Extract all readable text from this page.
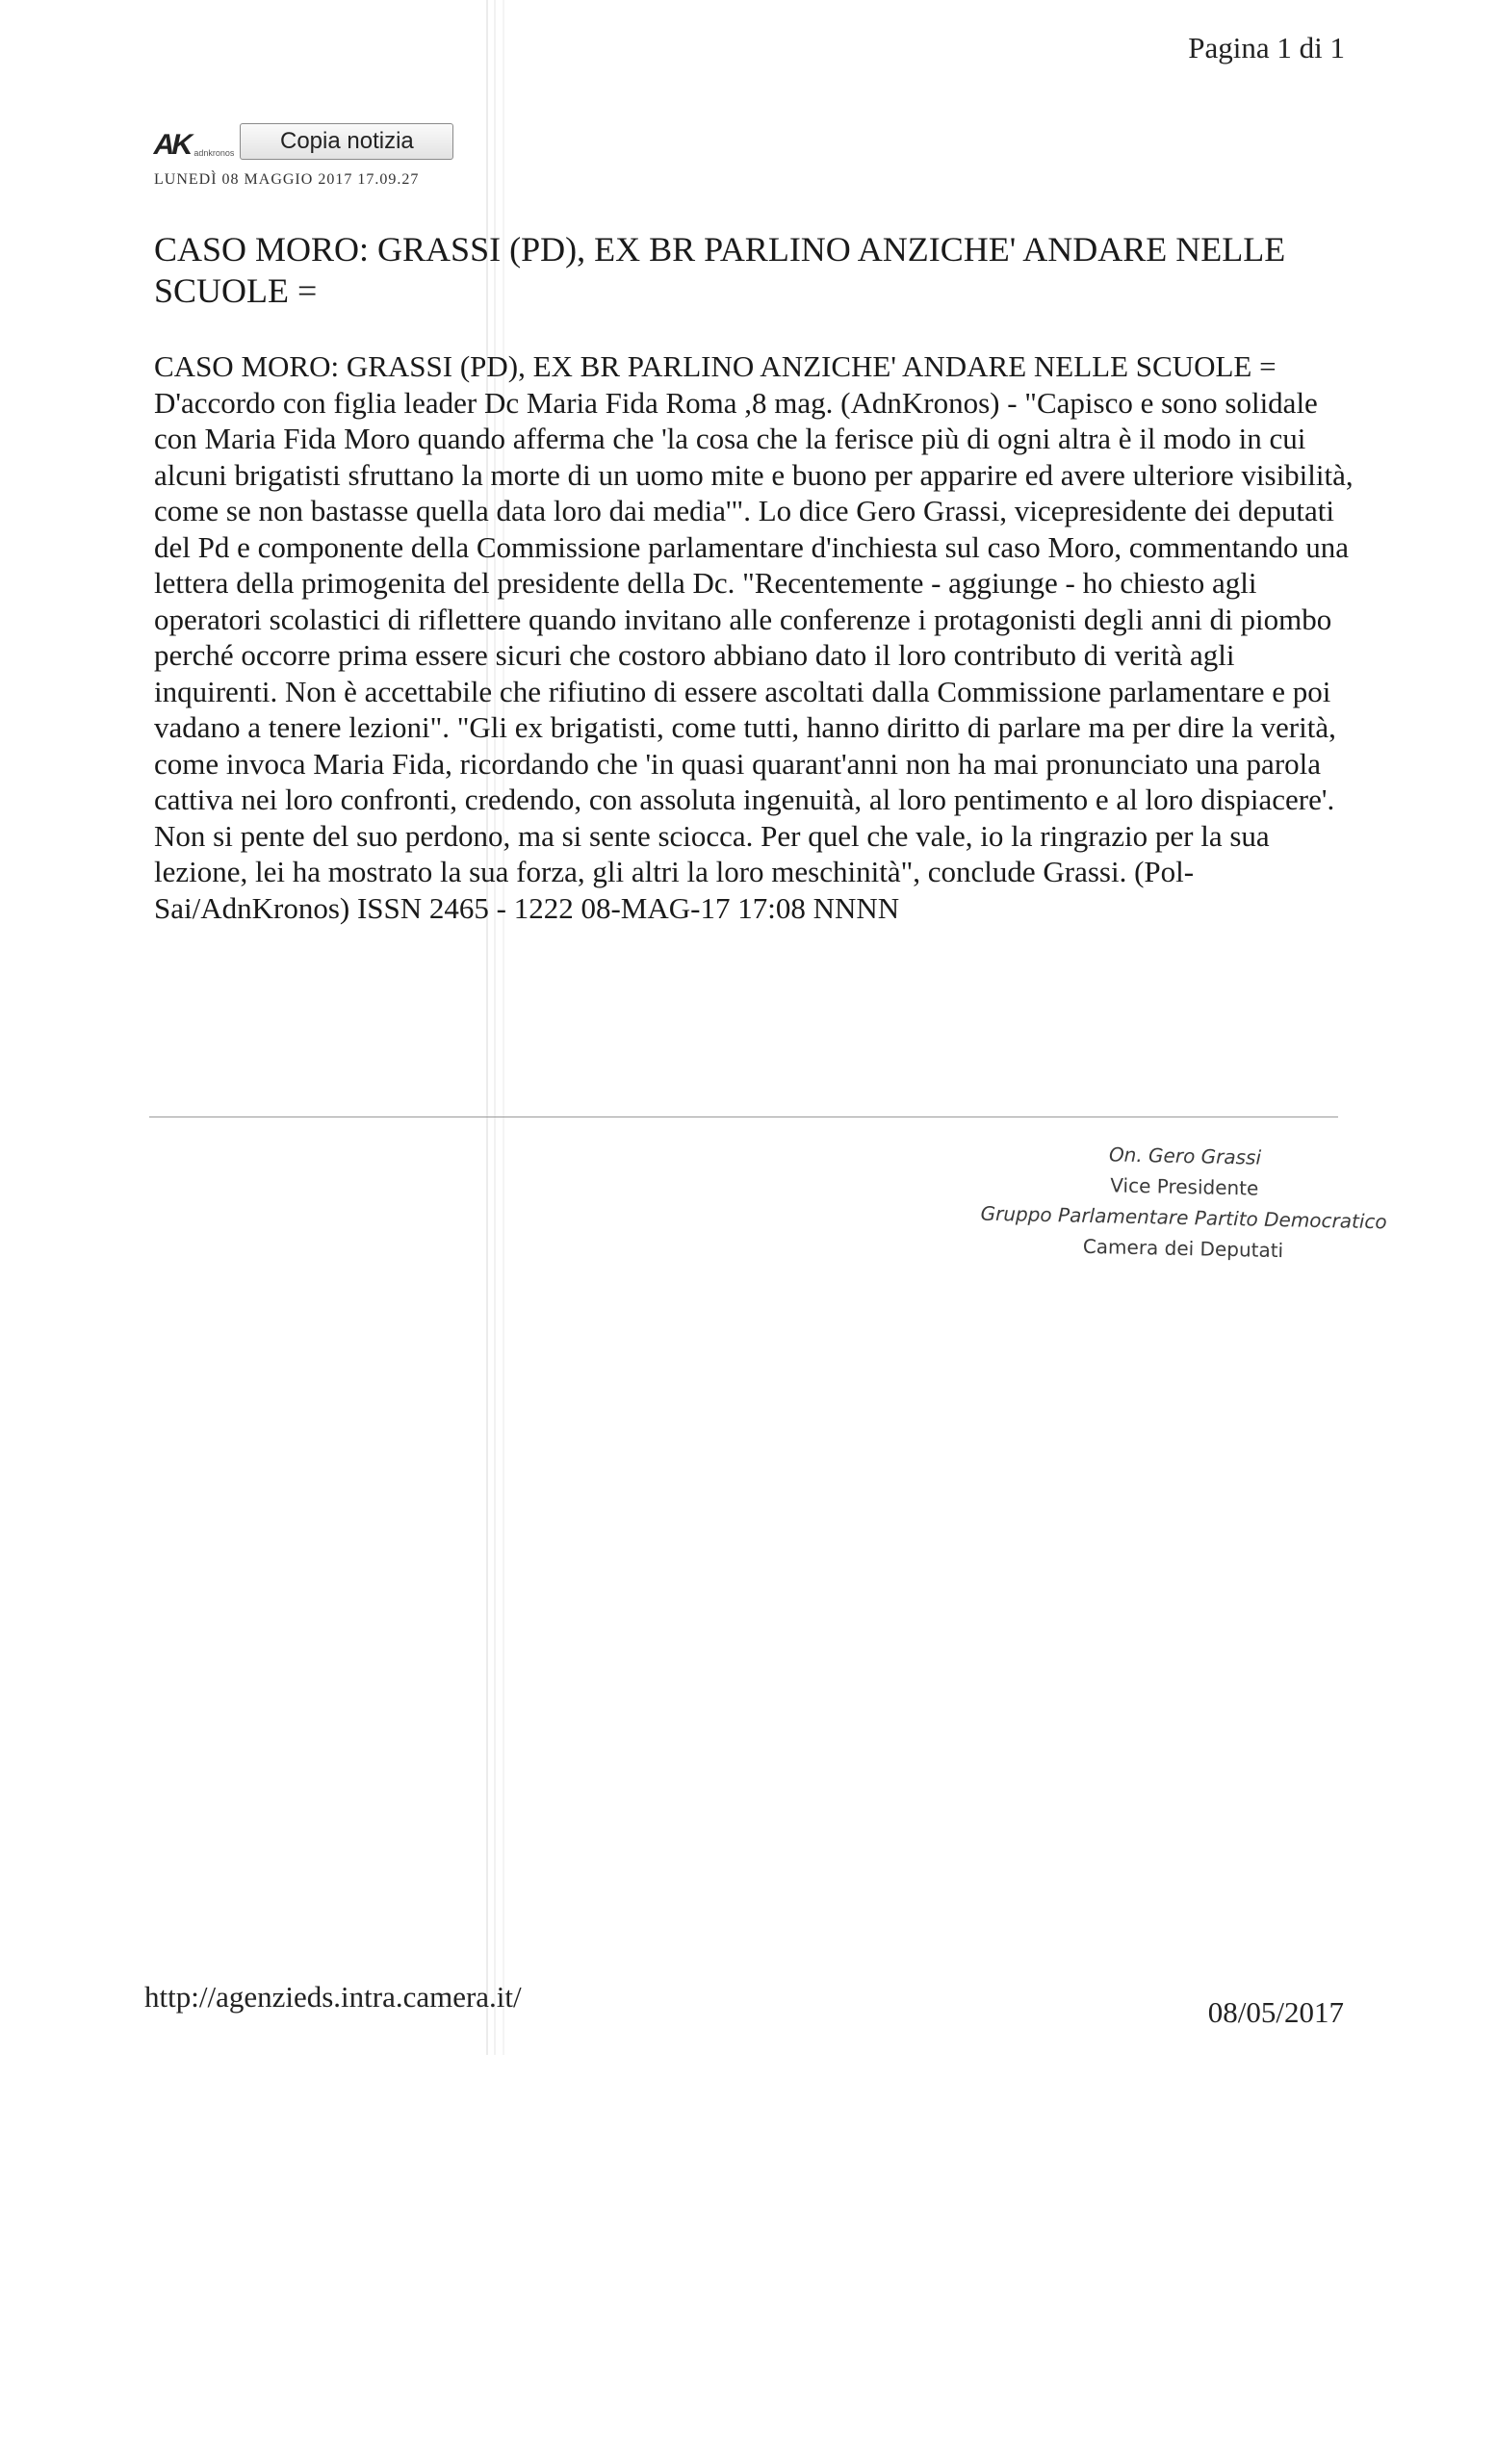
Pagina 1 di 1
AK adnkronos	Copia notizia
LUNEDÌ 08 MAGGIO 2017 17.09.27
CASO MORO: GRASSI (PD), EX BR PARLINO ANZICHE' ANDARE NELLE SCUOLE =

CASO MORO: GRASSI (PD), EX BR PARLINO ANZICHE' ANDARE NELLE SCUOLE = D'accordo con figlia leader Dc Maria Fida Roma ,8 mag. (AdnKronos) - "Capisco e sono solidale con Maria Fida Moro quando afferma che 'la cosa che la ferisce più di ogni altra è il modo in cui alcuni brigatisti sfruttano la morte di un uomo mite e buono per apparire ed avere ulteriore visibilità, come se non bastasse quella data loro dai media'". Lo dice Gero Grassi, vicepresidente dei deputati del Pd e componente della Commissione parlamentare d'inchiesta sul caso Moro, commentando una lettera della primogenita del presidente della Dc. "Recentemente - aggiunge - ho chiesto agli operatori scolastici di riflettere quando invitano alle conferenze i protagonisti degli anni di piombo perché occorre prima essere sicuri che costoro abbiano dato il loro contributo di verità agli inquirenti. Non è accettabile che rifiutino di essere ascoltati dalla Commissione parlamentare e poi vadano a tenere lezioni". "Gli ex brigatisti, come tutti, hanno diritto di parlare ma per dire la verità, come invoca Maria Fida, ricordando che 'in quasi quarant'anni non ha mai pronunciato una parola cattiva nei loro confronti, credendo, con assoluta ingenuità, al loro pentimento e al loro dispiacere'. Non si pente del suo perdono, ma si sente sciocca. Per quel che vale, io la ringrazio per la sua lezione, lei ha mostrato la sua forza, gli altri la loro meschinità", conclude Grassi. (Pol-Sai/AdnKronos) ISSN 2465 - 1222 08-MAG-17 17:08 NNNN

On. Gero Grassi
Vice Presidente
Gruppo Parlamentare Partito Democratico
Camera dei Deputati
http://agenzieds.intra.camera.it/	08/05/2017
